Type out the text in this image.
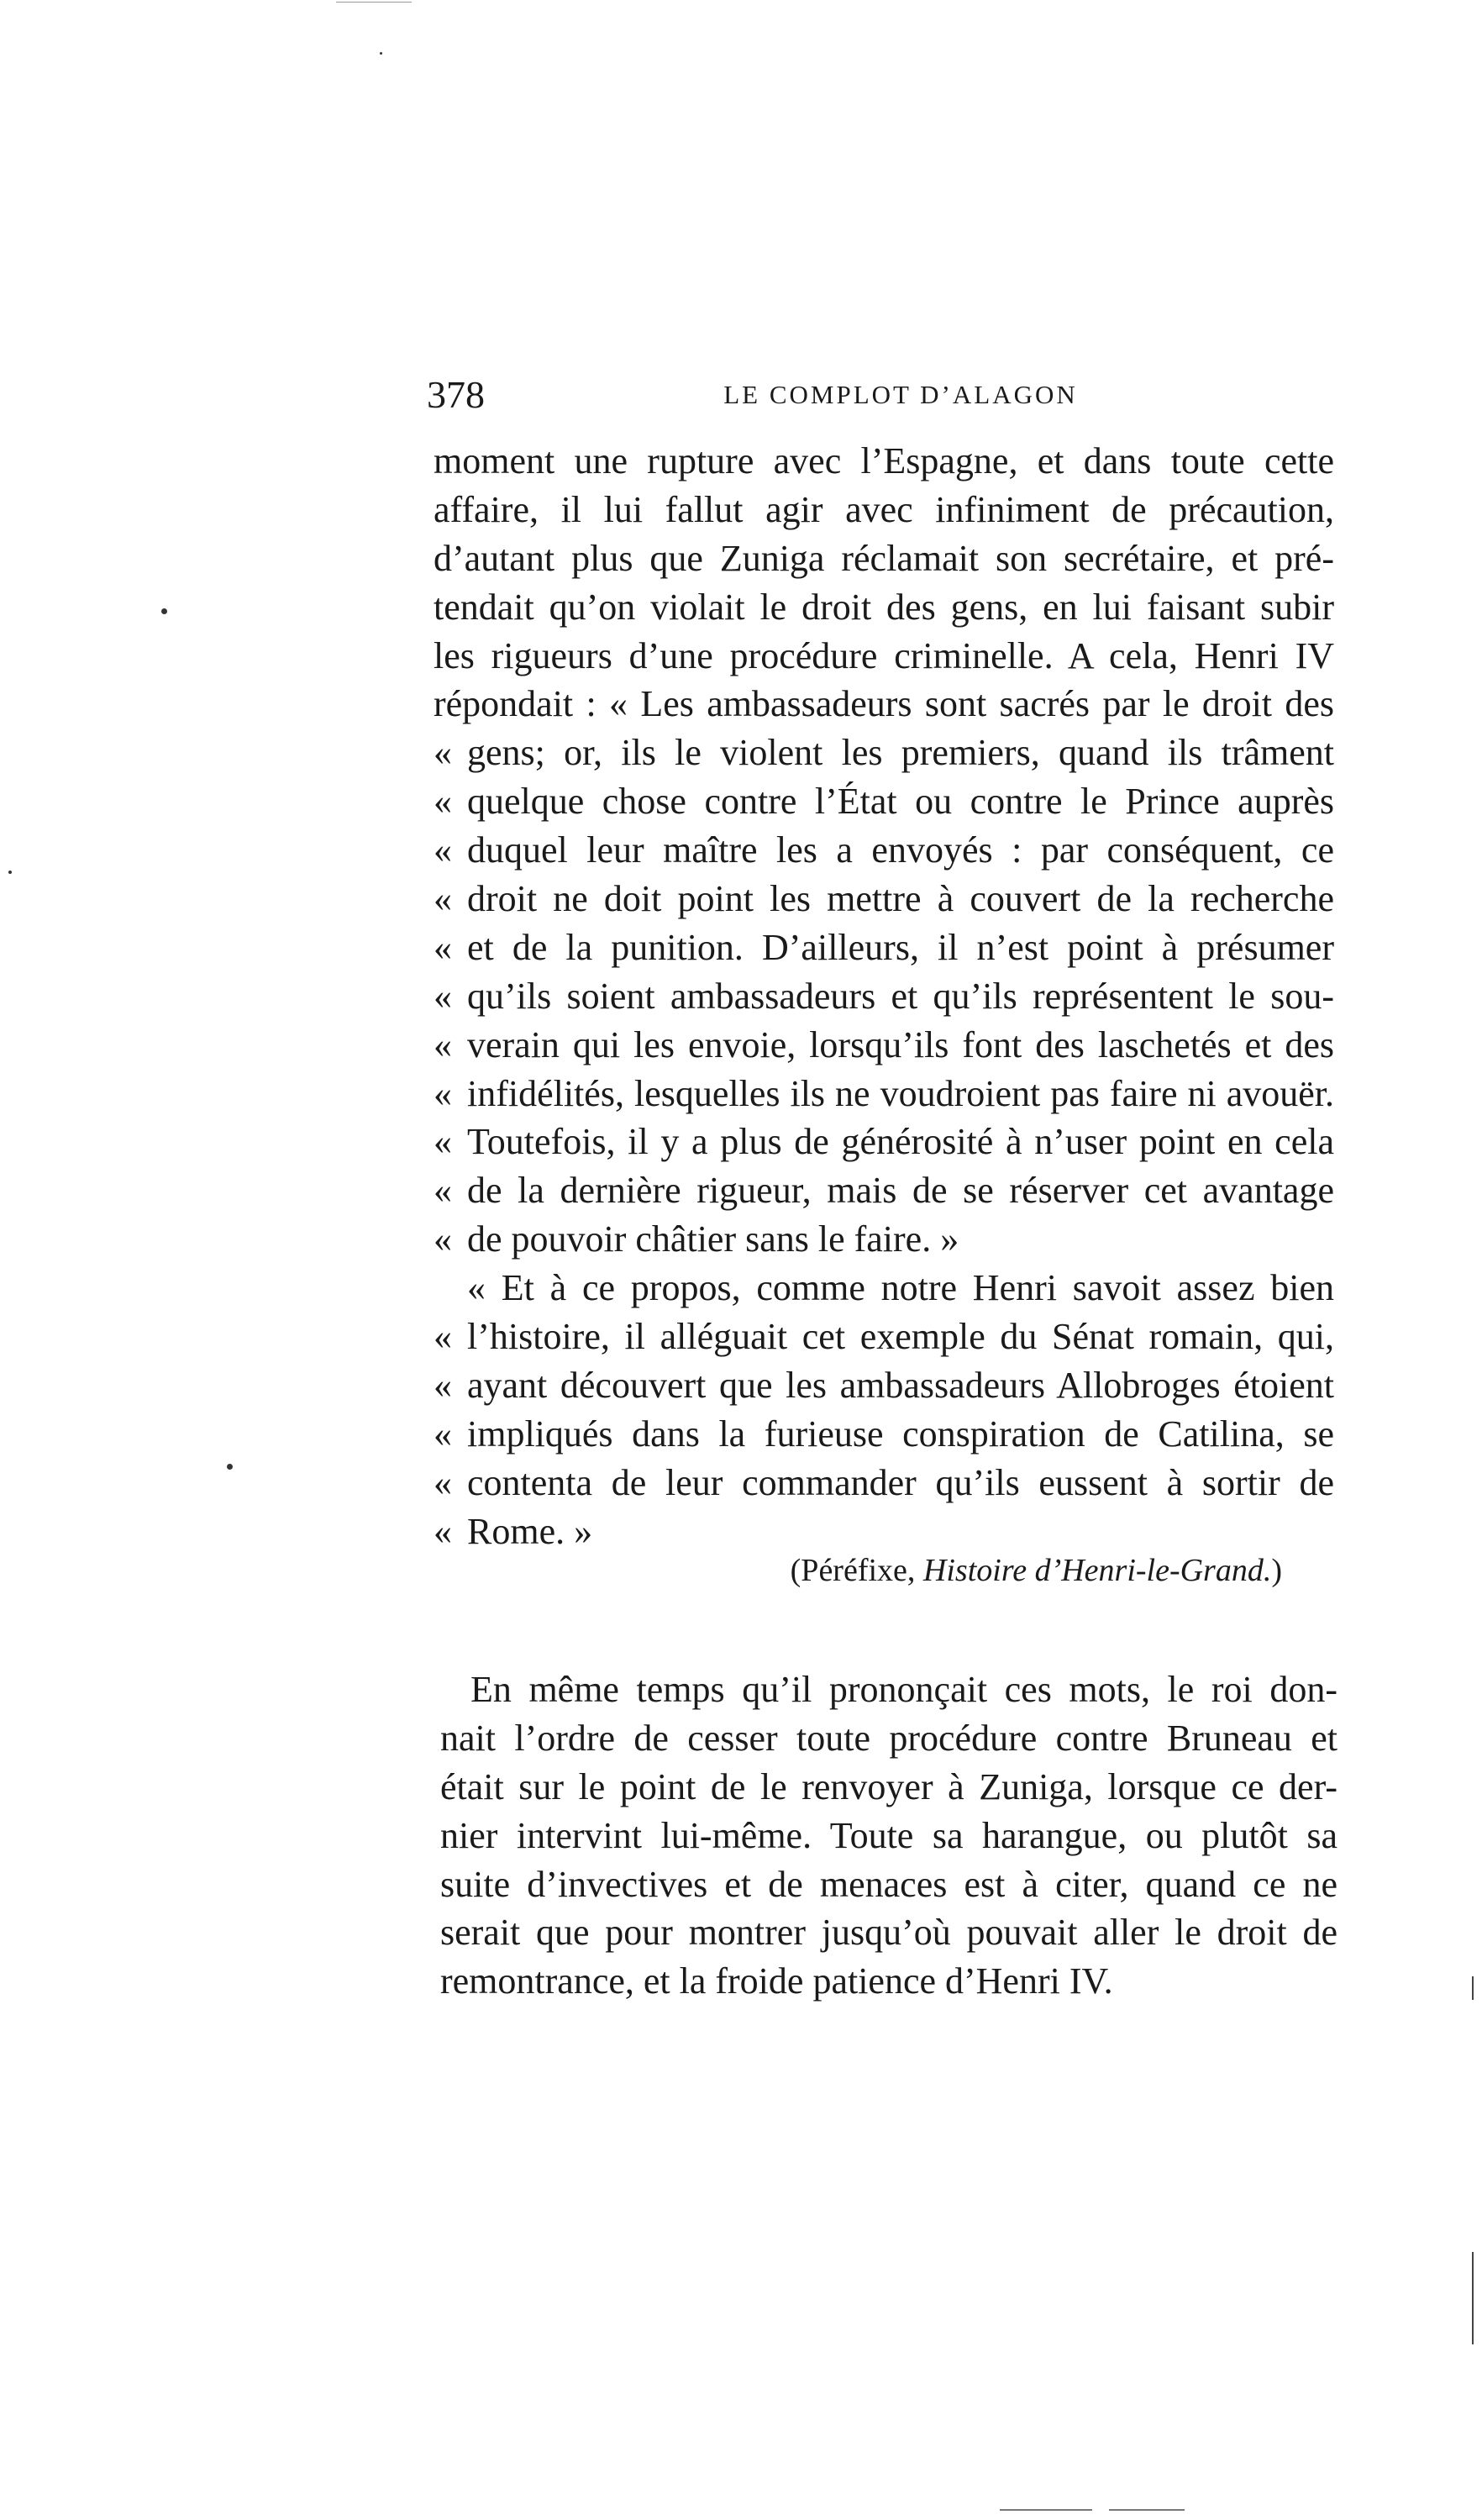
378	LE COMPLOT D’ALAGON
moment une rupture avec l’Espagne, et dans toute cette
affaire, il lui fallut agir avec infiniment de précaution,
d’autant plus que Zuniga réclamait son secrétaire, et pré-
tendait qu’on violait le droit des gens, en lui faisant subir
les rigueurs d’une procédure criminelle. A cela, Henri IV
répondait : « Les ambassadeurs sont sacrés par le droit des
« gens; or, ils le violent les premiers, quand ils trâment
« quelque chose contre l’État ou contre le Prince auprès
« duquel leur maître les a envoyés : par conséquent, ce
« droit ne doit point les mettre à couvert de la recherche
« et de la punition. D’ailleurs, il n’est point à présumer
« qu’ils soient ambassadeurs et qu’ils représentent le sou-
« verain qui les envoie, lorsqu’ils font des laschetés et des
« infidélités, lesquelles ils ne voudroient pas faire ni avouër.
« Toutefois, il y a plus de générosité à n’user point en cela
« de la dernière rigueur, mais de se réserver cet avantage
« de pouvoir châtier sans le faire. »
« Et à ce propos, comme notre Henri savoit assez bien
« l’histoire, il alléguait cet exemple du Sénat romain, qui,
« ayant découvert que les ambassadeurs Allobroges étoient
« impliqués dans la furieuse conspiration de Catilina, se
« contenta de leur commander qu’ils eussent à sortir de
« Rome. »
(Péréfixe, Histoire d’Henri-le-Grand.)
En même temps qu’il prononçait ces mots, le roi don-
nait l’ordre de cesser toute procédure contre Bruneau et
était sur le point de le renvoyer à Zuniga, lorsque ce der-
nier intervint lui-même. Toute sa harangue, ou plutôt sa
suite d’invectives et de menaces est à citer, quand ce ne
serait que pour montrer jusqu’où pouvait aller le droit de
remontrance, et la froide patience d’Henri IV.
